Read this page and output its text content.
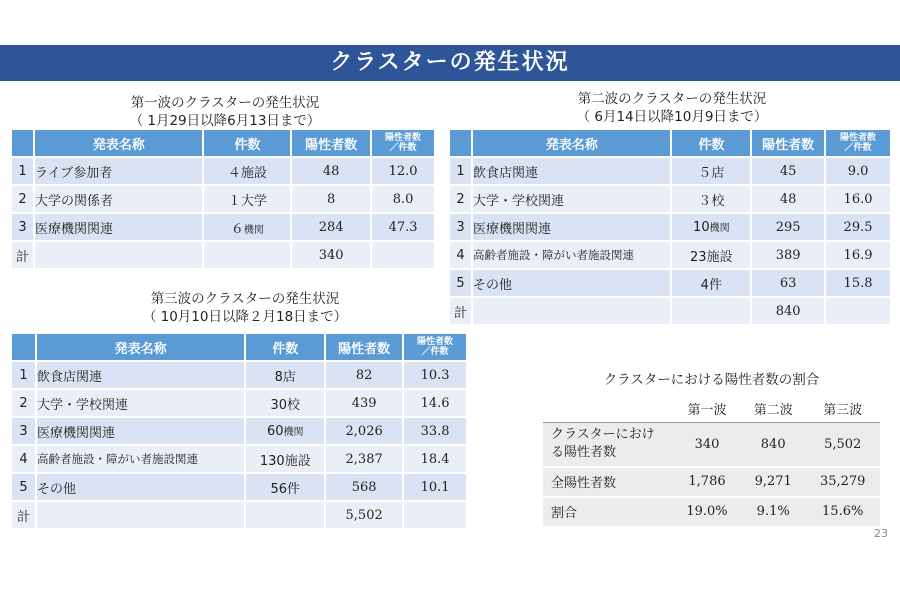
クラスターの発生状況
第一波のクラスターの発生状況
（ 1月29日以降6月13日まで）
	発表名称	件数	陽性者数	陽性者数
／件数
1	ライブ参加者	４施設	48	12.0
2	大学の関係者	１大学	8	8.0
3	医療機関関連	６機関	284	47.3
計			340	
第二波のクラスターの発生状況
（ 6月14日以降10月9日まで）
	発表名称	件数	陽性者数	陽性者数
／件数
1	飲食店関連	５店	45	9.0
2	大学・学校関連	３校	48	16.0
3	医療機関関連	10機関	295	29.5
4	高齢者施設・障がい者施設関連	23施設	389	16.9
5	その他	4件	63	15.8
計			840	
第三波のクラスターの発生状況
（ 10月10日以降２月18日まで）
	発表名称	件数	陽性者数	陽性者数
／件数
1	飲食店関連	8店	82	10.3
2	大学・学校関連	30校	439	14.6
3	医療機関関連	60機関	2,026	33.8
4	高齢者施設・障がい者施設関連	130施設	2,387	18.4
5	その他	56件	568	10.1
計			5,502	
クラスターにおける陽性者数の割合
	第一波	第二波	第三波
クラスターにおけ
る陽性者数	340	840	5,502
全陽性者数	1,786	9,271	35,279
割合	19.0%	9.1%	15.6%
23
